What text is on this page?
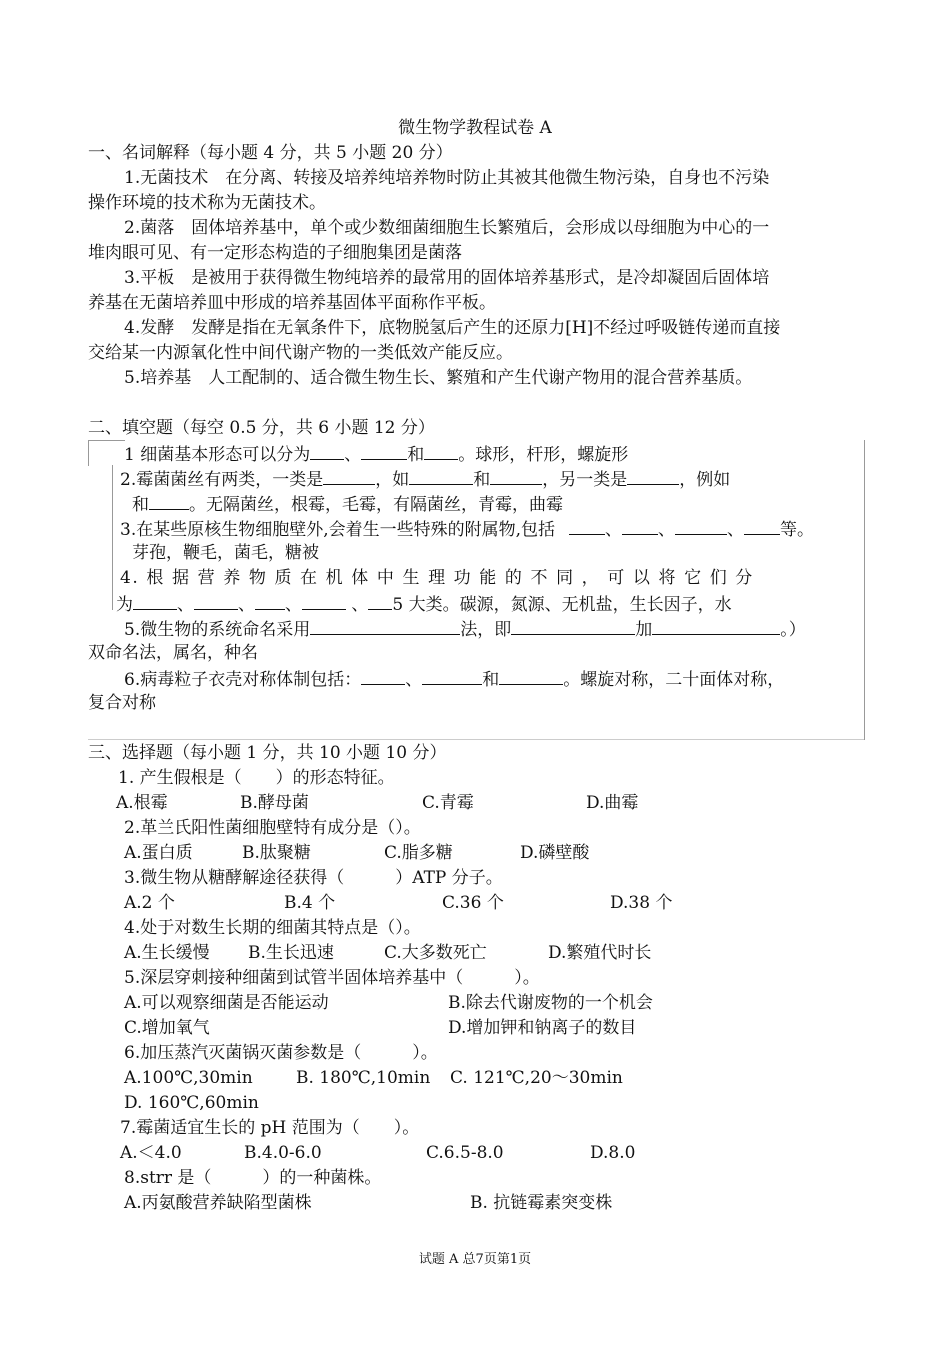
微生物学教程试卷 A
一、名词解释（每小题 4 分，共 5 小题 20 分）
1.无菌技术　在分离、转接及培养纯培养物时防止其被其他微生物污染，自身也不污染
操作环境的技术称为无菌技术。
2.菌落　固体培养基中，单个或少数细菌细胞生长繁殖后，会形成以母细胞为中心的一
堆肉眼可见、有一定形态构造的子细胞集团是菌落
3.平板　是被用于获得微生物纯培养的最常用的固体培养基形式，是冷却凝固后固体培
养基在无菌培养皿中形成的培养基固体平面称作平板。
4.发酵　发酵是指在无氧条件下，底物脱氢后产生的还原力[H]不经过呼吸链传递而直接
交给某一内源氧化性中间代谢产物的一类低效产能反应。
5.培养基　人工配制的、适合微生物生长、繁殖和产生代谢产物用的混合营养基质。
二、填空题（每空 0.5 分，共 6 小题 12 分）
1 细菌基本形态可以分为 、	和 。球形，杆形，螺旋形
2.霉菌菌丝有两类，一类是	，如	和	，另一类是	，例如
和 。无隔菌丝，根霉，毛霉，有隔菌丝，青霉，曲霉
3.在某些原核生物细胞壁外,会着生一些特殊的附属物,包括	、 、	、 等。
芽孢，鞭毛，菌毛，糖被
4. 根 据 营 养 物 质 在 机 体 中 生 理 功 能 的 不 同 ， 可 以 将 它 们 分
为	、	、 、	、 5 大类。碳源，氮源、无机盐，生长因子，水
5.微生物的系统命名采用	法，即	加	。）
双命名法，属名，种名
6.病毒粒子衣壳对称体制包括：	、	和	。螺旋对称，二十面体对称，
复合对称
三、选择题（每小题 1 分，共 10 小题 10 分）
1. 产生假根是（　　）的形态特征。
A.根霉	B.酵母菌	C.青霉	D.曲霉
2.革兰氏阳性菌细胞壁特有成分是（）。
A.蛋白质	B.肽聚糖	C.脂多糖	D.磷壁酸
3.微生物从糖酵解途径获得（　　　）ATP 分子。
A.2 个	B.4 个	C.36 个	D.38 个
4.处于对数生长期的细菌其特点是（）。
A.生长缓慢 B.生长迅速	C.大多数死亡	D.繁殖代时长
5.深层穿刺接种细菌到试管半固体培养基中（　　　）。
A.可以观察细菌是否能运动	B.除去代谢废物的一个机会
C.增加氧气	D.增加钾和钠离子的数目
6.加压蒸汽灭菌锅灭菌参数是（　　　）。
A.100℃,30min	B. 180℃,10min C. 121℃,20～30min
D. 160℃,60min
7.霉菌适宜生长的 pH 范围为（　　）。
A.＜4.0	B.4.0-6.0	C.6.5-8.0	D.8.0
8.strr 是（　　　）的一种菌株。
A.丙氨酸营养缺陷型菌株	B. 抗链霉素突变株
试题 A 总7页第1页
